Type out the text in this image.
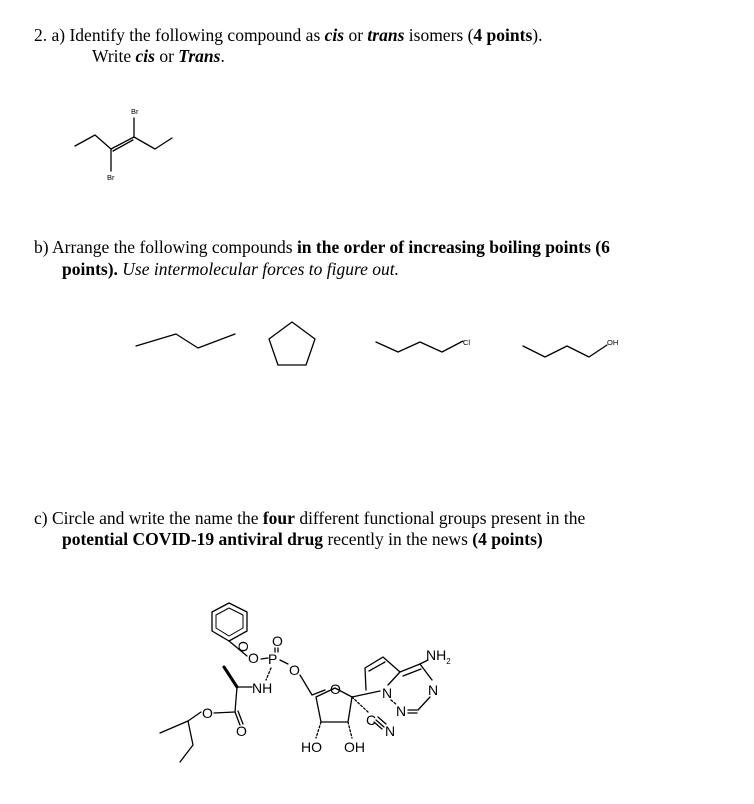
2. a) Identify the following compound as cis or trans isomers (4 points).
Write cis or Trans.
Br
Br
Cl	OH
O P
O
O
NH
O
O
O
O
HO OH
C
N
N	N
N
$NH_2$
b) Arrange the following compounds in the order of increasing boiling points (6
points). Use intermolecular forces to figure out.
c) Circle and write the name the four different functional groups present in the
potential COVID-19 antiviral drug recently in the news (4 points)
